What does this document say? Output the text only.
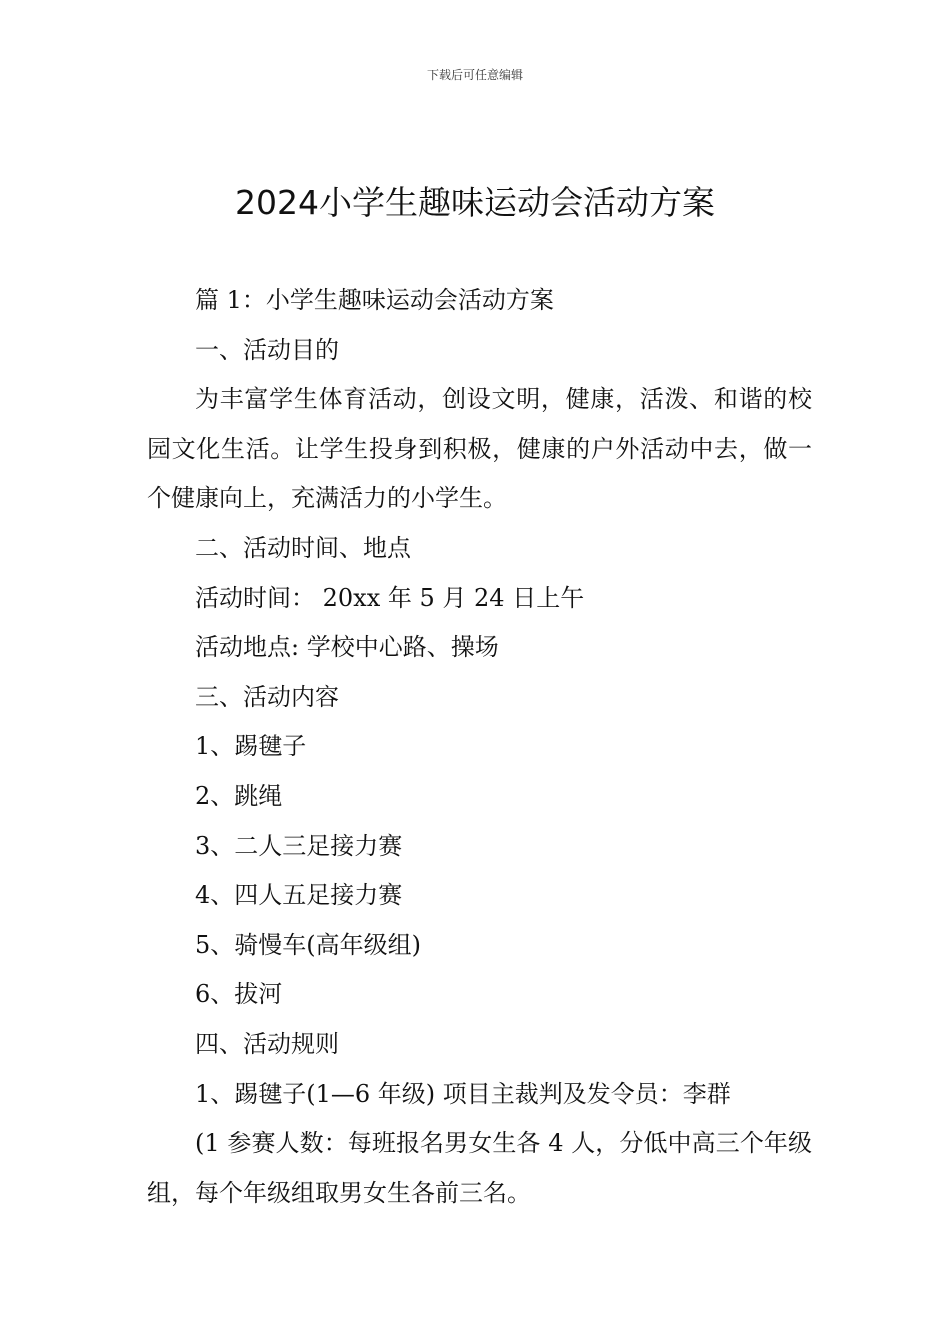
下载后可任意编辑
2024小学生趣味运动会活动方案

篇 1：小学生趣味运动会活动方案

一、活动目的

为丰富学生体育活动，创设文明，健康，活泼、和谐的校园文化生活。让学生投身到积极，健康的户外活动中去，做一个健康向上，充满活力的小学生。

二、活动时间、地点

活动时间： 20xx 年 5 月 24 日上午

活动地点: 学校中心路、操场

三、活动内容

1、踢毽子

2、跳绳

3、二人三足接力赛

4、四人五足接力赛

5、骑慢车(高年级组)

6、拔河

四、活动规则

1、踢毽子(1—6 年级) 项目主裁判及发令员：李群

(1 参赛人数：每班报名男女生各 4 人，分低中高三个年级组，每个年级组取男女生各前三名。
